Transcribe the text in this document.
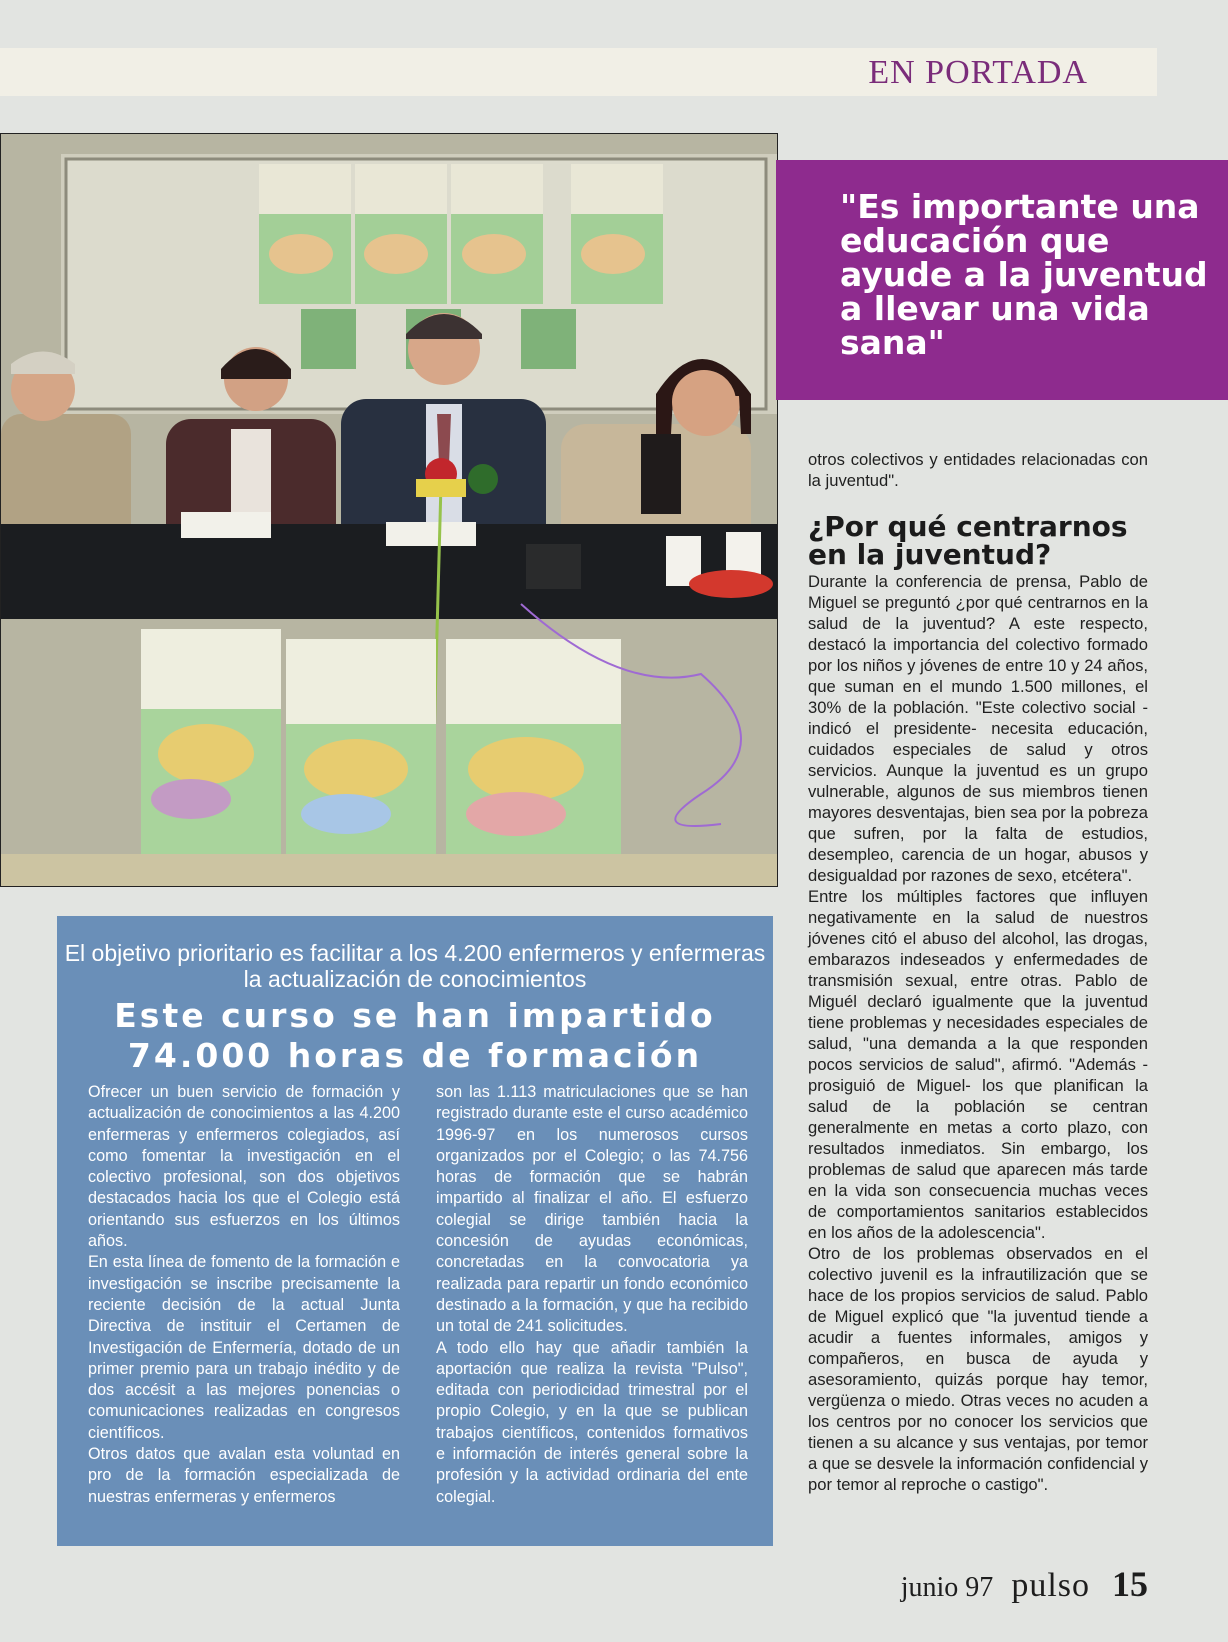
EN PORTADA
"Es importante una educación que ayude a la juventud a llevar una vida sana"

otros colectivos y entidades relacionadas con la juventud".

¿Por qué centrarnos en la juventud?

Durante la conferencia de prensa, Pablo de Miguel se preguntó ¿por qué centrarnos en la salud de la juventud? A este respecto, destacó la importancia del colectivo formado por los niños y jóvenes de entre 10 y 24 años, que suman en el mundo 1.500 millones, el 30% de la población. "Este colectivo social -indicó el presidente- necesita educación, cuidados especiales de salud y otros servicios. Aunque la juventud es un grupo vulnerable, algunos de sus miembros tienen mayores desventajas, bien sea por la pobreza que sufren, por la falta de estudios, desempleo, carencia de un hogar, abusos y desigualdad por razones de sexo, etcétera".

Entre los múltiples factores que influyen negativamente en la salud de nuestros jóvenes citó el abuso del alcohol, las drogas, embarazos indeseados y enfermedades de transmisión sexual, entre otras. Pablo de Miguél declaró igualmente que la juventud tiene problemas y necesidades especiales de salud, "una demanda a la que responden pocos servicios de salud", afirmó. "Además -prosiguió de Miguel- los que planifican la salud de la población se centran generalmente en metas a corto plazo, con resultados inmediatos. Sin embargo, los problemas de salud que aparecen más tarde en la vida son consecuencia muchas veces de comportamientos sanitarios establecidos en los años de la adolescencia".

Otro de los problemas observados en el colectivo juvenil es la infrautilización que se hace de los propios servicios de salud. Pablo de Miguel explicó que "la juventud tiende a acudir a fuentes informales, amigos y compañeros, en busca de ayuda y asesoramiento, quizás porque hay temor, vergüenza o miedo. Otras veces no acuden a los centros por no conocer los servicios que tienen a su alcance y sus ventajas, por temor a que se desvele la información confidencial y por temor al reproche o castigo".

El objetivo prioritario es facilitar a los 4.200 enfermeros y enfermeras la actualización de conocimientos
Este curso se han impartido
74.000 horas de formación

Ofrecer un buen servicio de formación y actualización de conocimientos a las 4.200 enfermeras y enfermeros colegiados, así como fomentar la investigación en el colectivo profesional, son dos objetivos destacados hacia los que el Colegio está orientando sus esfuerzos en los últimos años.

En esta línea de fomento de la formación e investigación se inscribe precisamente la reciente decisión de la actual Junta Directiva de instituir el Certamen de Investigación de Enfermería, dotado de un primer premio para un trabajo inédito y de dos accésit a las mejores ponencias o comunicaciones realizadas en congresos científicos.

Otros datos que avalan esta voluntad en pro de la formación especializada de nuestras enfermeras y enfermeros

son las 1.113 matriculaciones que se han registrado durante este el curso académico 1996-97 en los numerosos cursos organizados por el Colegio; o las 74.756 horas de formación que se habrán impartido al finalizar el año. El esfuerzo colegial se dirige también hacia la concesión de ayudas económicas, concretadas en la convocatoria ya realizada para repartir un fondo económico destinado a la formación, y que ha recibido un total de 241 solicitudes.

A todo ello hay que añadir también la aportación que realiza la revista "Pulso", editada con periodicidad trimestral por el propio Colegio, y en la que se publican trabajos científicos, contenidos formativos e información de interés general sobre la profesión y la actividad ordinaria del ente colegial.

junio 97 pulso 15
